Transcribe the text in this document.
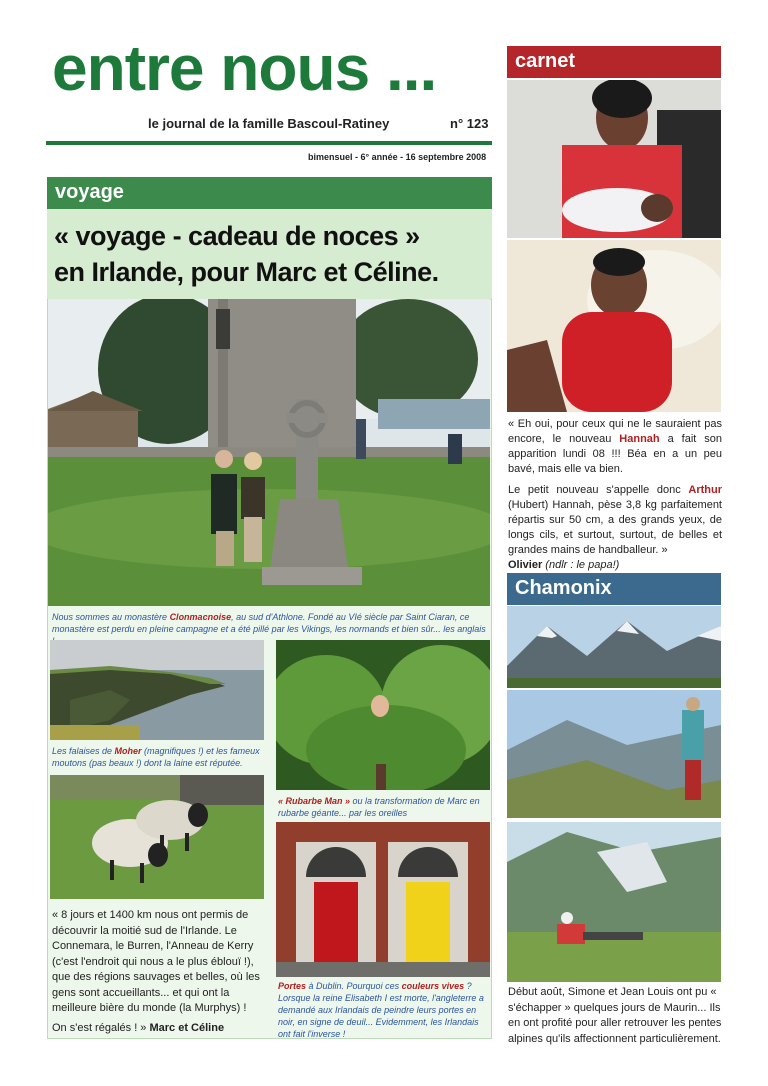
entre nous ...
le journal de la famille Bascoul-Ratiney	n° 123
bimensuel - 6° année - 16 septembre 2008
voyage
« voyage - cadeau de noces »
en Irlande, pour Marc et Céline.
Nous sommes au monastère Clonmacnoise, au sud d'Athlone. Fondé au VIé siècle par Saint Ciaran, ce monastère est perdu en pleine campagne et a été pillé par les Vikings, les normands et bien sûr... les anglais
Les falaises de Moher (magnifiques !) et les fameux moutons (pas beaux !) dont la laine est réputée.
« Rubarbe Man » ou la transformation de Marc en rubarbe géante... par les oreilles
« 8 jours et 1400 km nous ont permis de découvrir la moitié sud de l'Irlande. Le Connemara, le Burren, l'Anneau de Kerry (c'est l'endroit qui nous a le plus éblouï !), que des régions sauvages et belles, où les gens sont accueillants... et qui ont la meilleure bière du monde (la Murphys) !
On s'est régalés ! » Marc et Céline
Portes à Dublin. Pourquoi ces couleurs vives ? Lorsque la reine Elisabeth I est morte, l'angleterre a demandé aux Irlandais de peindre leurs portes en noir, en signe de deuil... Evidemment, les Irlandais ont fait l'inverse !
carnet
« Eh oui, pour ceux qui ne le sauraient pas encore, le nouveau Hannah a fait son apparition lundi 08 !!! Béa en a un peu bavé, mais elle va bien.
Le petit nouveau s'appelle donc Arthur (Hubert) Hannah, pèse 3,8 kg parfaitement répartis sur 50 cm, a des grands yeux, de longs cils, et surtout, surtout, de belles et grandes mains de handballeur. »
Olivier (ndlr : le papa!)
Chamonix
Début août, Simone et Jean Louis ont pu « s'échapper » quelques jours de Maurin... Ils en ont profité pour aller retrouver les pentes alpines qu'ils affectionnent particulièrement.
